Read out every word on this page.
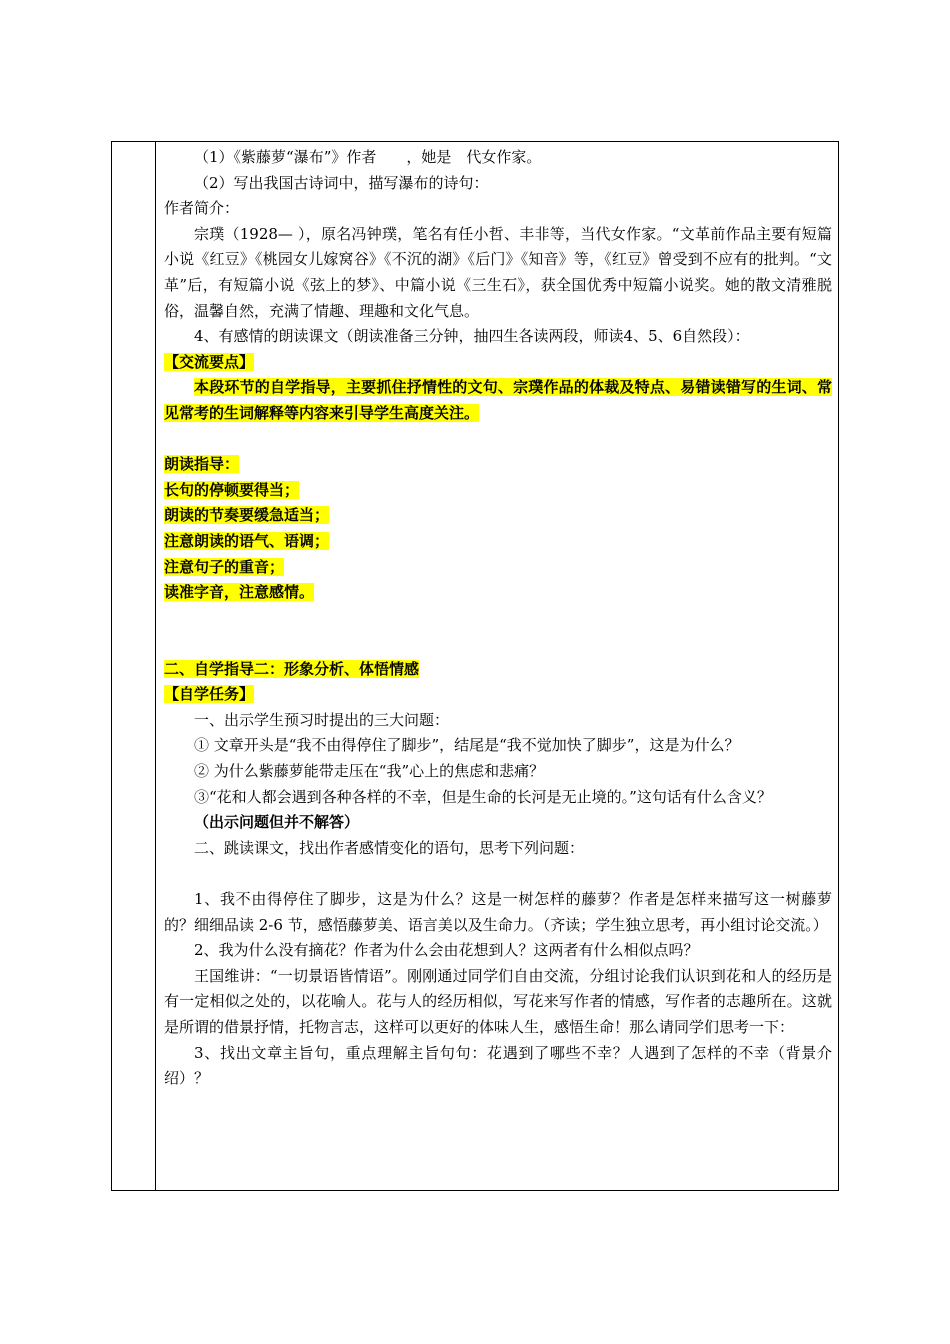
（1）《紫藤萝“瀑布”》作者　　，她是　代女作家。

（2）写出我国古诗词中，描写瀑布的诗句：

作者简介：

宗璞（1928— ），原名冯钟璞，笔名有任小哲、丰非等，当代女作家。“文革前作品主要有短篇小说《红豆》《桃园女儿嫁窝谷》《不沉的湖》《后门》《知音》等，《红豆》曾受到不应有的批判。“文革”后，有短篇小说《弦上的梦》、中篇小说《三生石》，获全国优秀中短篇小说奖。她的散文清雅脱俗，温馨自然，充满了情趣、理趣和文化气息。

4、有感情的朗读课文（朗读准备三分钟，抽四生各读两段，师读4、5、6自然段）：

【交流要点】

本段环节的自学指导，主要抓住抒情性的文句、宗璞作品的体裁及特点、易错读错写的生词、常见常考的生词解释等内容来引导学生高度关注。

朗读指导：

长句的停顿要得当；

朗读的节奏要缓急适当；

注意朗读的语气、语调；

注意句子的重音；

读准字音，注意感情。

二、自学指导二：形象分析、体悟情感

【自学任务】

一、出示学生预习时提出的三大问题：

① 文章开头是“我不由得停住了脚步”，结尾是“我不觉加快了脚步”，这是为什么？

② 为什么紫藤萝能带走压在“我”心上的焦虑和悲痛？

③“花和人都会遇到各种各样的不幸，但是生命的长河是无止境的。”这句话有什么含义？

（出示问题但并不解答）

二、跳读课文，找出作者感情变化的语句，思考下列问题：

1、我不由得停住了脚步，这是为什么？这是一树怎样的藤萝？作者是怎样来描写这一树藤萝的？细细品读 2-6 节，感悟藤萝美、语言美以及生命力。（齐读；学生独立思考，再小组讨论交流。）

2、我为什么没有摘花？作者为什么会由花想到人？这两者有什么相似点吗？

王国维讲：“一切景语皆情语”。刚刚通过同学们自由交流，分组讨论我们认识到花和人的经历是有一定相似之处的，以花喻人。花与人的经历相似，写花来写作者的情感，写作者的志趣所在。这就是所谓的借景抒情，托物言志，这样可以更好的体味人生，感悟生命！那么请同学们思考一下：

3、找出文章主旨句，重点理解主旨句句：花遇到了哪些不幸？人遇到了怎样的不幸（背景介绍）？
